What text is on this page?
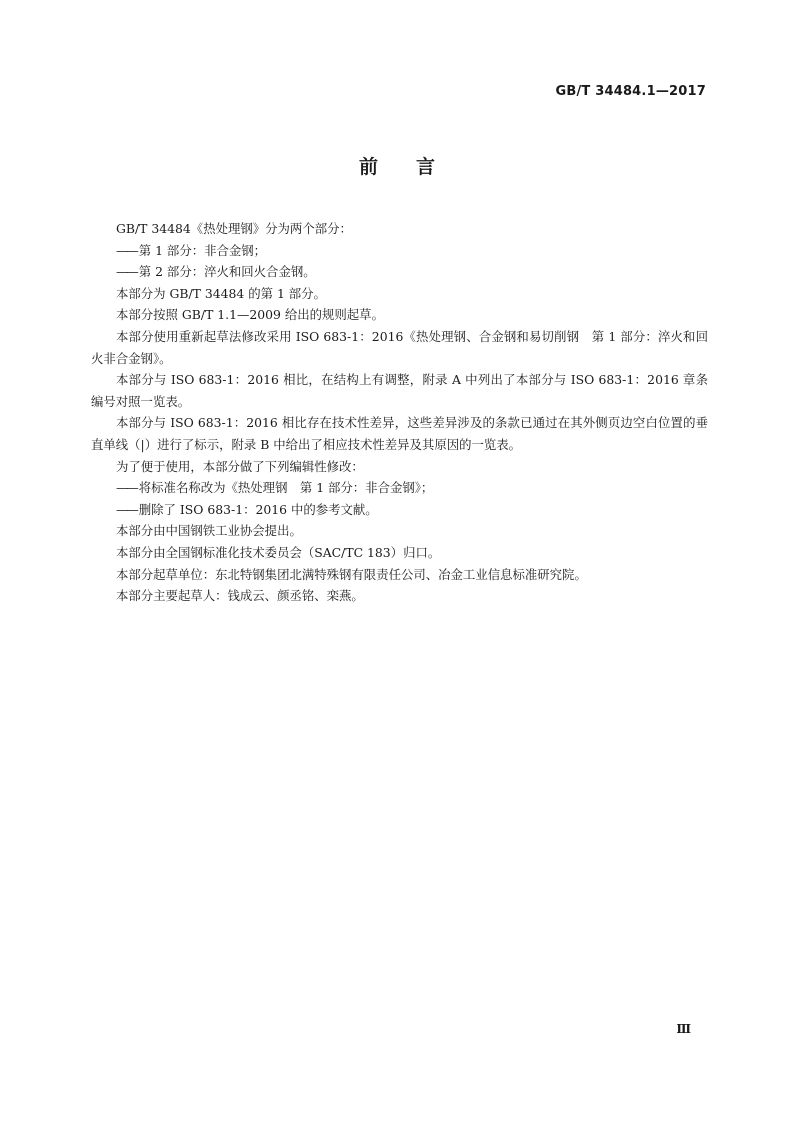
GB/T 34484.1—2017
前言

GB/T 34484《热处理钢》分为两个部分：

—— 第 1 部分：非合金钢；

—— 第 2 部分：淬火和回火合金钢。

本部分为 GB/T 34484 的第 1 部分。

本部分按照 GB/T 1.1—2009 给出的规则起草。

本部分使用重新起草法修改采用 ISO 683-1：2016《热处理钢、合金钢和易切削钢　第 1 部分：淬火和回火非合金钢》。

本部分与 ISO 683-1：2016 相比，在结构上有调整，附录 A 中列出了本部分与 ISO 683-1：2016 章条编号对照一览表。

本部分与 ISO 683-1：2016 相比存在技术性差异，这些差异涉及的条款已通过在其外侧页边空白位置的垂直单线（|）进行了标示，附录 B 中给出了相应技术性差异及其原因的一览表。

为了便于使用，本部分做了下列编辑性修改：

—— 将标准名称改为《热处理钢　第 1 部分：非合金钢》；

—— 删除了 ISO 683-1：2016 中的参考文献。

本部分由中国钢铁工业协会提出。

本部分由全国钢标准化技术委员会（SAC/TC 183）归口。

本部分起草单位：东北特钢集团北满特殊钢有限责任公司、冶金工业信息标准研究院。

本部分主要起草人：钱成云、颜丞铭、栾燕。

Ⅲ
